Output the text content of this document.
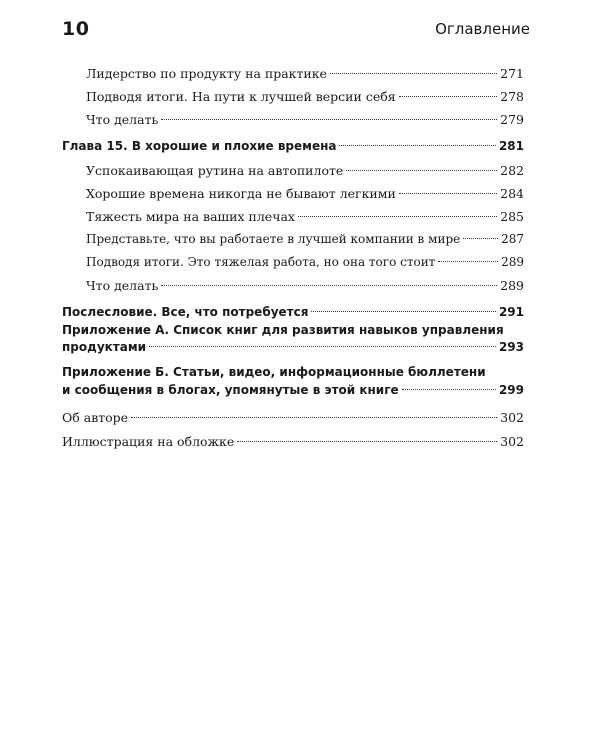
10	Оглавление
Лидерство по продукту на практике	271
Подводя итоги. На пути к лучшей версии себя	278
Что делать	279
Глава 15. В хорошие и плохие времена	281
Успокаивающая рутина на автопилоте	282
Хорошие времена никогда не бывают легкими	284
Тяжесть мира на ваших плечах	285
Представьте, что вы работаете в лучшей компании в мире	287
Подводя итоги. Это тяжелая работа, но она того стоит	289
Что делать	289
Послесловие. Все, что потребуется	291
Приложение А. Список книг для развития навыков управления
продуктами	293
Приложение Б. Статьи, видео, информационные бюллетени
и сообщения в блогах, упомянутые в этой книге	299
Об авторе	302
Иллюстрация на обложке	302
